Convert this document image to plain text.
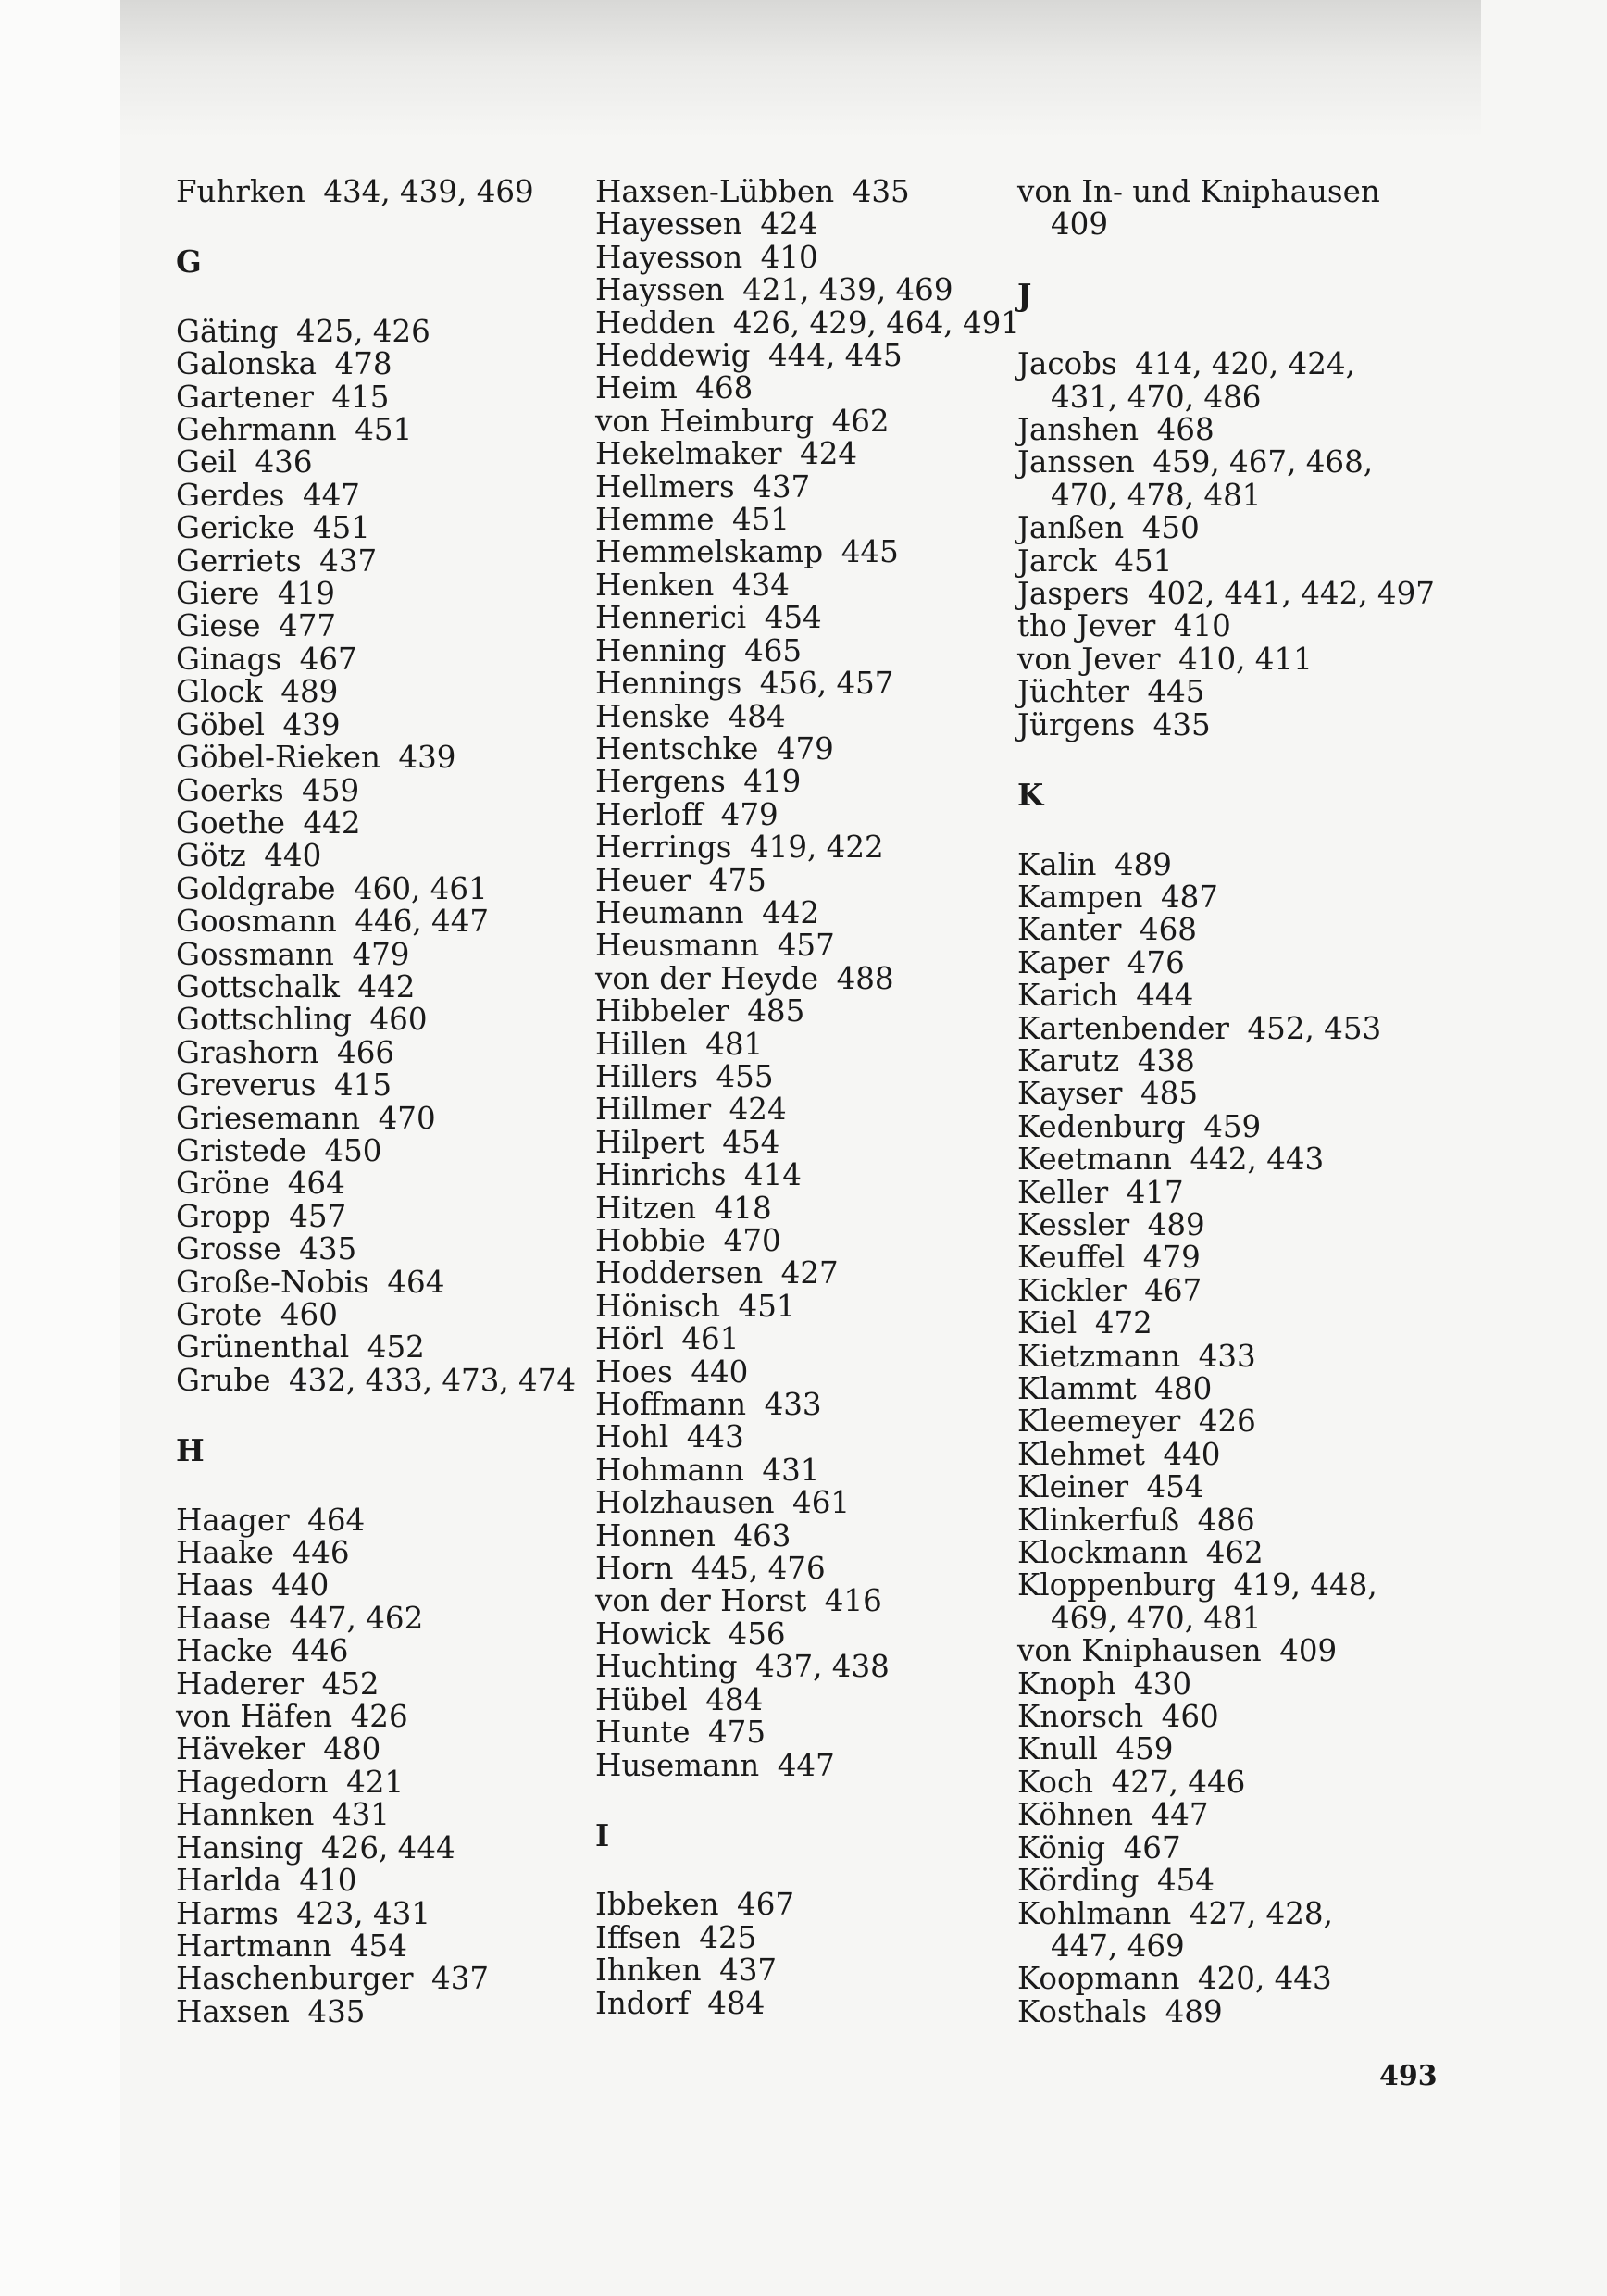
Fuhrken 434, 439, 469
G
Gäting 425, 426
Galonska 478
Gartener 415
Gehrmann 451
Geil 436
Gerdes 447
Gericke 451
Gerriets 437
Giere 419
Giese 477
Ginags 467
Glock 489
Göbel 439
Göbel-Rieken 439
Goerks 459
Goethe 442
Götz 440
Goldgrabe 460, 461
Goosmann 446, 447
Gossmann 479
Gottschalk 442
Gottschling 460
Grashorn 466
Greverus 415
Griesemann 470
Gristede 450
Gröne 464
Gropp 457
Grosse 435
Große-Nobis 464
Grote 460
Grünenthal 452
Grube 432, 433, 473, 474
H
Haager 464
Haake 446
Haas 440
Haase 447, 462
Hacke 446
Haderer 452
von Häfen 426
Häveker 480
Hagedorn 421
Hannken 431
Hansing 426, 444
Harlda 410
Harms 423, 431
Hartmann 454
Haschenburger 437
Haxsen 435
Haxsen-Lübben 435
Hayessen 424
Hayesson 410
Hayssen 421, 439, 469
Hedden 426, 429, 464, 491
Heddewig 444, 445
Heim 468
von Heimburg 462
Hekelmaker 424
Hellmers 437
Hemme 451
Hemmelskamp 445
Henken 434
Hennerici 454
Henning 465
Hennings 456, 457
Henske 484
Hentschke 479
Hergens 419
Herloff 479
Herrings 419, 422
Heuer 475
Heumann 442
Heusmann 457
von der Heyde 488
Hibbeler 485
Hillen 481
Hillers 455
Hillmer 424
Hilpert 454
Hinrichs 414
Hitzen 418
Hobbie 470
Hoddersen 427
Hönisch 451
Hörl 461
Hoes 440
Hoffmann 433
Hohl 443
Hohmann 431
Holzhausen 461
Honnen 463
Horn 445, 476
von der Horst 416
Howick 456
Huchting 437, 438
Hübel 484
Hunte 475
Husemann 447
I
Ibbeken 467
Iffsen 425
Ihnken 437
Indorf 484
von In- und Kniphausen
409
J
Jacobs 414, 420, 424,
431, 470, 486
Janshen 468
Janssen 459, 467, 468,
470, 478, 481
Janßen 450
Jarck 451
Jaspers 402, 441, 442, 497
tho Jever 410
von Jever 410, 411
Jüchter 445
Jürgens 435
K
Kalin 489
Kampen 487
Kanter 468
Kaper 476
Karich 444
Kartenbender 452, 453
Karutz 438
Kayser 485
Kedenburg 459
Keetmann 442, 443
Keller 417
Kessler 489
Keuffel 479
Kickler 467
Kiel 472
Kietzmann 433
Klammt 480
Kleemeyer 426
Klehmet 440
Kleiner 454
Klinkerfuß 486
Klockmann 462
Kloppenburg 419, 448,
469, 470, 481
von Kniphausen 409
Knoph 430
Knorsch 460
Knull 459
Koch 427, 446
Köhnen 447
König 467
Körding 454
Kohlmann 427, 428,
447, 469
Koopmann 420, 443
Kosthals 489
493
